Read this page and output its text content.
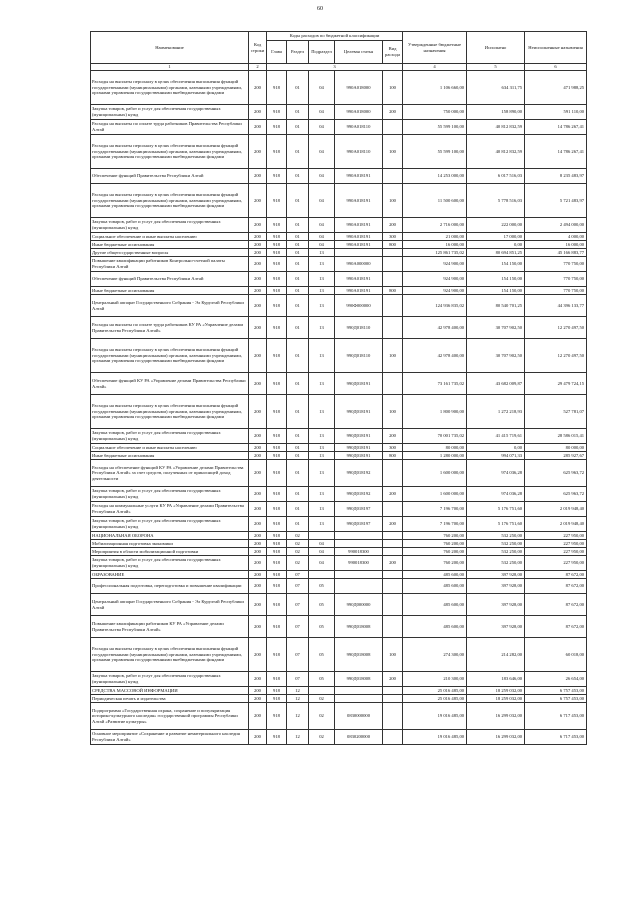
60
Наименование	Код строки	Коды расходов по бюджетной классификации					Утвержденные бюджетные назначения	Исполнено	Неисполненные назначения
		Глава	Раздел	Подраздел	Целевая статья	Вид расхода			
1	2	3					4	5	6
Расходы на выплаты персоналу в целях обеспечения выполнения функций государственными (муниципальными) органами, казенными учреждениями, органами управления государственными внебюджетными фондами	200	918	01	04	990А018000	100	1 106 660,00	634 311,75	471 988,25
Закупка товаров, работ и услуг для обеспечения государственных (муниципальных) нужд	200	918	01	04	990А018000	200	750 000,00	158 890,00	591 110,00
Расходы на выплаты по оплате труда работников Правительства Республики Алтай	200	918	01	04	990А018110		55 599 100,00	40 812 832,59	14 786 267,41
Расходы на выплаты персоналу в целях обеспечения выполнения функций государственными (муниципальными) органами, казенными учреждениями, органами управления государственными внебюджетными фондами	200	918	01	04	990А018110	100	55 599 100,00	40 812 832,59	14 786 267,41
Обеспечение функций Правительства Республики Алтай	200	918	01	04	990А018191		14 253 000,00	6 017 516,03	8 235 483,97
Расходы на выплаты персоналу в целях обеспечения выполнения функций государственными (муниципальными) органами, казенными учреждениями, органами управления государственными внебюджетными фондами	200	918	01	04	990А018191	100	11 500 600,00	5 778 516,03	5 721 483,97
Закупка товаров, работ и услуг для обеспечения государственных (муниципальных) нужд	200	918	01	04	990А018191	200	2 716 000,00	222 000,00	2 494 000,00
Социальное обеспечение и иные выплаты населению	200	918	01	04	990А018191	300	21 000,00	17 000,00	4 000,00
Иные бюджетные ассигнования	200	918	01	04	990А018191	800	16 000,00	0,00	16 000,00
Другие общегосударственные вопросы	200	918	01	13			125 861 735,02	80 694 851,25	45 166 883,77
Повышение квалификации работников Контрольно-счетной палаты Республики Алтай	200	918	01	13	990А000000		924 900,00	154 150,00	770 750,00
Обеспечение функций Правительства Республики Алтай	200	918	01	13	990А018191		924 900,00	154 150,00	770 750,00
Иные бюджетные ассигнования	200	918	01	13	990А018191	800	924 900,00	154 150,00	770 750,00
Центральный аппарат Государственного Собрания - Эл Курултай Республики Алтай	200	918	01	13	990Ф000000		124 936 835,02	80 540 701,25	44 396 133,77
Расходы на выплаты по оплате труда работников КУ РА «Управление делами Правительства Республики Алтай»	200	918	01	13	990Д018110		42 978 400,00	30 707 902,50	12 270 497,50
Расходы на выплаты персоналу в целях обеспечения выполнения функций государственными (муниципальными) органами, казенными учреждениями, органами управления государственными внебюджетными фондами	200	918	01	13	990Д018110	100	42 978 400,00	30 707 902,50	12 270 497,50
Обеспечение функций КУ РА «Управление делами Правительства Республики Алтай»	200	918	01	13	990Д018191		73 161 735,02	43 682 009,87	29 479 724,15
Расходы на выплаты персоналу в целях обеспечения выполнения функций государственными (муниципальными) органами, казенными учреждениями, органами управления государственными внебюджетными фондами	200	918	01	13	990Д018191	100	1 800 900,00	1 272 218,93	527 781,07
Закупка товаров, работ и услуг для обеспечения государственных (муниципальных) нужд	200	918	01	13	990Д018191	200	70 001 735,02	41 415 719,61	28 586 015,41
Социальное обеспечение и иные выплаты населению	200	918	01	13	990Д018191	300	80 000,00	0,00	80 000,00
Иные бюджетные ассигнования	200	918	01	13	990Д018191	800	1 280 000,00	994 071,33	285 927,67
Расходы на обеспечение функций КУ РА «Управление делами Правительства Республики Алтай» за счет средств, полученных от приносящей доход деятельности	200	918	01	13	990Д018192		1 600 000,00	974 036,28	625 963,72
Закупка товаров, работ и услуг для обеспечения государственных (муниципальных) нужд	200	918	01	13	990Д018192	200	1 600 000,00	974 036,28	625 963,72
Расходы на коммунальные услуги КУ РА «Управление делами Правительства Республики Алтай»	200	918	01	13	990Д018197		7 196 700,00	5 176 751,60	2 019 948,40
Закупка товаров, работ и услуг для обеспечения государственных (муниципальных) нужд	200	918	01	13	990Д018197	200	7 196 700,00	5 176 751,60	2 019 948,40
НАЦИОНАЛЬНАЯ ОБОРОНА	200	918	02				760 200,00	532 250,00	227 950,00
Мобилизационная подготовка экономики	200	918	02	04			760 200,00	532 250,00	227 950,00
Мероприятия в области мобилизационной подготовки	200	918	02	04	990018300		760 200,00	532 250,00	227 950,00
Закупка товаров, работ и услуг для обеспечения государственных (муниципальных) нужд	200	918	02	04	990018300	200	760 200,00	532 250,00	227 950,00
ОБРАЗОВАНИЕ	200	918	07				485 600,00	397 928,00	87 672,00
Профессиональная подготовка, переподготовка и повышение квалификации	200	918	07	05			485 600,00	397 928,00	87 672,00
Центральный аппарат Государственного Собрания - Эл Курултай Республики Алтай	200	918	07	05	990Д000000		485 600,00	397 928,00	87 672,00
Повышение квалификации работников КУ РА «Управление делами Правительства Республики Алтай»	200	918	07	05	990Д018008		485 600,00	397 928,00	87 672,00
Расходы на выплаты персоналу в целях обеспечения выполнения функций государственными (муниципальными) органами, казенными учреждениями, органами управления государственными внебюджетными фондами	200	918	07	05	990Д018008	100	274 300,00	214 282,00	60 018,00
Закупка товаров, работ и услуг для обеспечения государственных (муниципальных) нужд	200	918	07	05	990Д018008	200	210 300,00	183 646,00	26 654,00
СРЕДСТВА МАССОВОЙ ИНФОРМАЦИИ	200	918	12				25 016 485,00	18 259 032,00	6 757 453,00
Периодическая печать и издательства	200	918	12	02			25 016 485,00	18 259 032,00	6 757 453,00
Подпрограмма «Государственная охрана, сохранение и популяризация историко-культурного наследия» государственной программы Республики Алтай «Развитие культуры»	200	918	12	02	0830000000		19 016 485,00	16 299 032,00	6 717 453,00
Основное мероприятие «Сохранение и развитие нематериального наследия Республики Алтай»	200	918	12	02	0830200000		19 016 485,00	16 299 032,00	6 717 453,00
